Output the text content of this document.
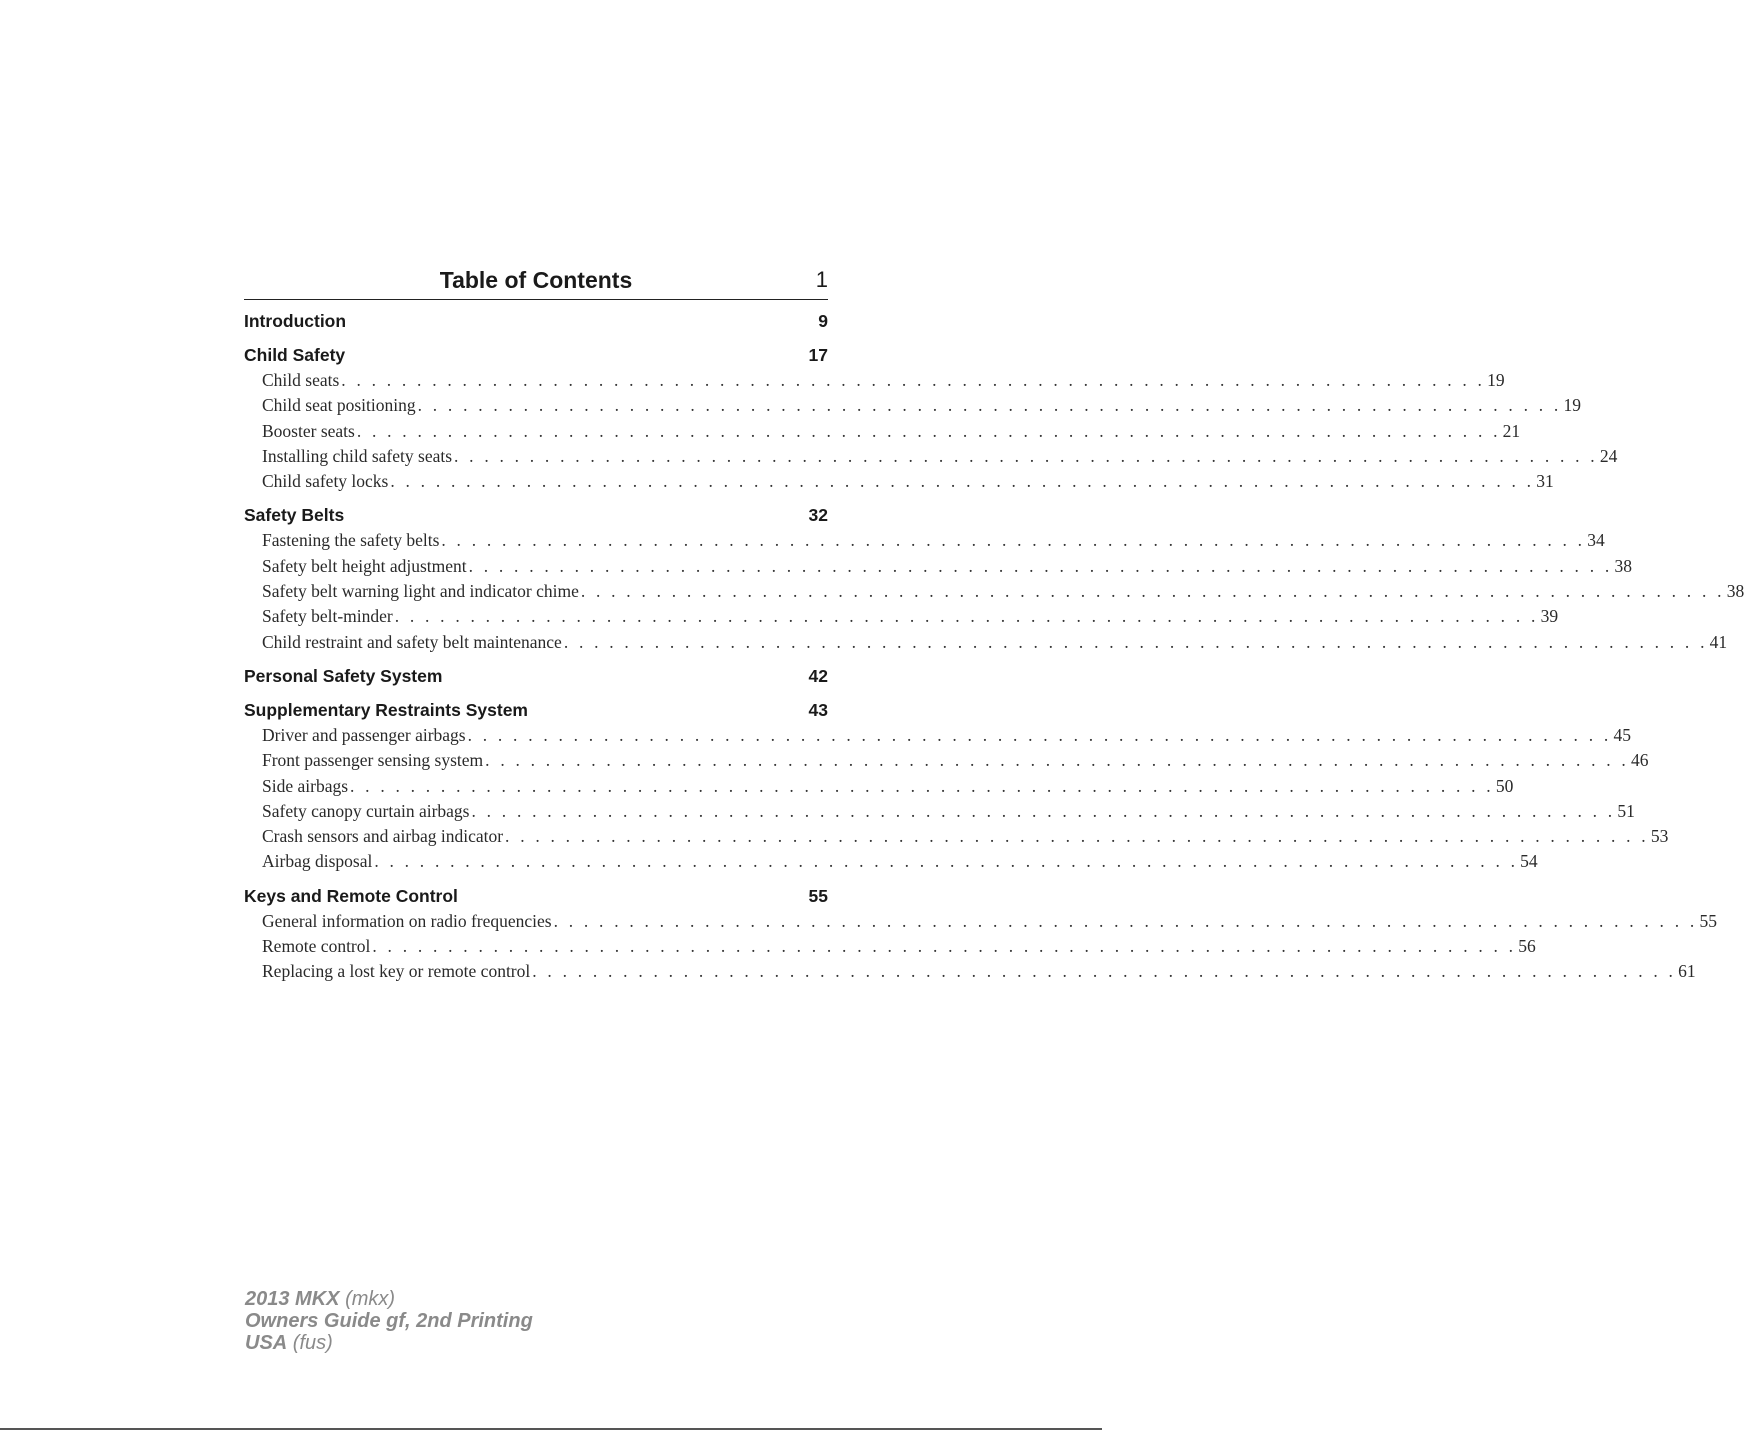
Table of Contents	1
Introduction	9
Child Safety	17
Child seats . . . . . . . . . . . . . . . . . . . . . . . . . . . . . . . . . . . . . . . . . . . . . . . . . . . . . . . . . . . . . . . . . . . . . . . . . . . . 19
Child seat positioning . . . . . . . . . . . . . . . . . . . . . . . . . . . . . . . . . . . . . . . . . . . . . . . . . . . . . . . . . . . . . . . . . . . . . . . . . . . . 19
Booster seats . . . . . . . . . . . . . . . . . . . . . . . . . . . . . . . . . . . . . . . . . . . . . . . . . . . . . . . . . . . . . . . . . . . . . . . . . . . . 21
Installing child safety seats . . . . . . . . . . . . . . . . . . . . . . . . . . . . . . . . . . . . . . . . . . . . . . . . . . . . . . . . . . . . . . . . . . . . . . . . . . . . 24
Child safety locks . . . . . . . . . . . . . . . . . . . . . . . . . . . . . . . . . . . . . . . . . . . . . . . . . . . . . . . . . . . . . . . . . . . . . . . . . . . . 31
Safety Belts	32
Fastening the safety belts . . . . . . . . . . . . . . . . . . . . . . . . . . . . . . . . . . . . . . . . . . . . . . . . . . . . . . . . . . . . . . . . . . . . . . . . . . . . 34
Safety belt height adjustment . . . . . . . . . . . . . . . . . . . . . . . . . . . . . . . . . . . . . . . . . . . . . . . . . . . . . . . . . . . . . . . . . . . . . . . . . . . . 38
Safety belt warning light and indicator chime . . . . . . . . . . . . . . . . . . . . . . . . . . . . . . . . . . . . . . . . . . . . . . . . . . . . . . . . . . . . . . . . . . . . . . . . . . . . 38
Safety belt-minder . . . . . . . . . . . . . . . . . . . . . . . . . . . . . . . . . . . . . . . . . . . . . . . . . . . . . . . . . . . . . . . . . . . . . . . . . . . . 39
Child restraint and safety belt maintenance . . . . . . . . . . . . . . . . . . . . . . . . . . . . . . . . . . . . . . . . . . . . . . . . . . . . . . . . . . . . . . . . . . . . . . . . . . . . 41
Personal Safety System	42
Supplementary Restraints System	43
Driver and passenger airbags . . . . . . . . . . . . . . . . . . . . . . . . . . . . . . . . . . . . . . . . . . . . . . . . . . . . . . . . . . . . . . . . . . . . . . . . . . . . 45
Front passenger sensing system . . . . . . . . . . . . . . . . . . . . . . . . . . . . . . . . . . . . . . . . . . . . . . . . . . . . . . . . . . . . . . . . . . . . . . . . . . . . 46
Side airbags . . . . . . . . . . . . . . . . . . . . . . . . . . . . . . . . . . . . . . . . . . . . . . . . . . . . . . . . . . . . . . . . . . . . . . . . . . . . 50
Safety canopy curtain airbags . . . . . . . . . . . . . . . . . . . . . . . . . . . . . . . . . . . . . . . . . . . . . . . . . . . . . . . . . . . . . . . . . . . . . . . . . . . . 51
Crash sensors and airbag indicator . . . . . . . . . . . . . . . . . . . . . . . . . . . . . . . . . . . . . . . . . . . . . . . . . . . . . . . . . . . . . . . . . . . . . . . . . . . . 53
Airbag disposal . . . . . . . . . . . . . . . . . . . . . . . . . . . . . . . . . . . . . . . . . . . . . . . . . . . . . . . . . . . . . . . . . . . . . . . . . . . . 54
Keys and Remote Control	55
General information on radio frequencies . . . . . . . . . . . . . . . . . . . . . . . . . . . . . . . . . . . . . . . . . . . . . . . . . . . . . . . . . . . . . . . . . . . . . . . . . . . . 55
Remote control . . . . . . . . . . . . . . . . . . . . . . . . . . . . . . . . . . . . . . . . . . . . . . . . . . . . . . . . . . . . . . . . . . . . . . . . . . . . 56
Replacing a lost key or remote control . . . . . . . . . . . . . . . . . . . . . . . . . . . . . . . . . . . . . . . . . . . . . . . . . . . . . . . . . . . . . . . . . . . . . . . . . . . . 61
2013 MKX (mkx)
Owners Guide gf, 2nd Printing
USA (fus)
